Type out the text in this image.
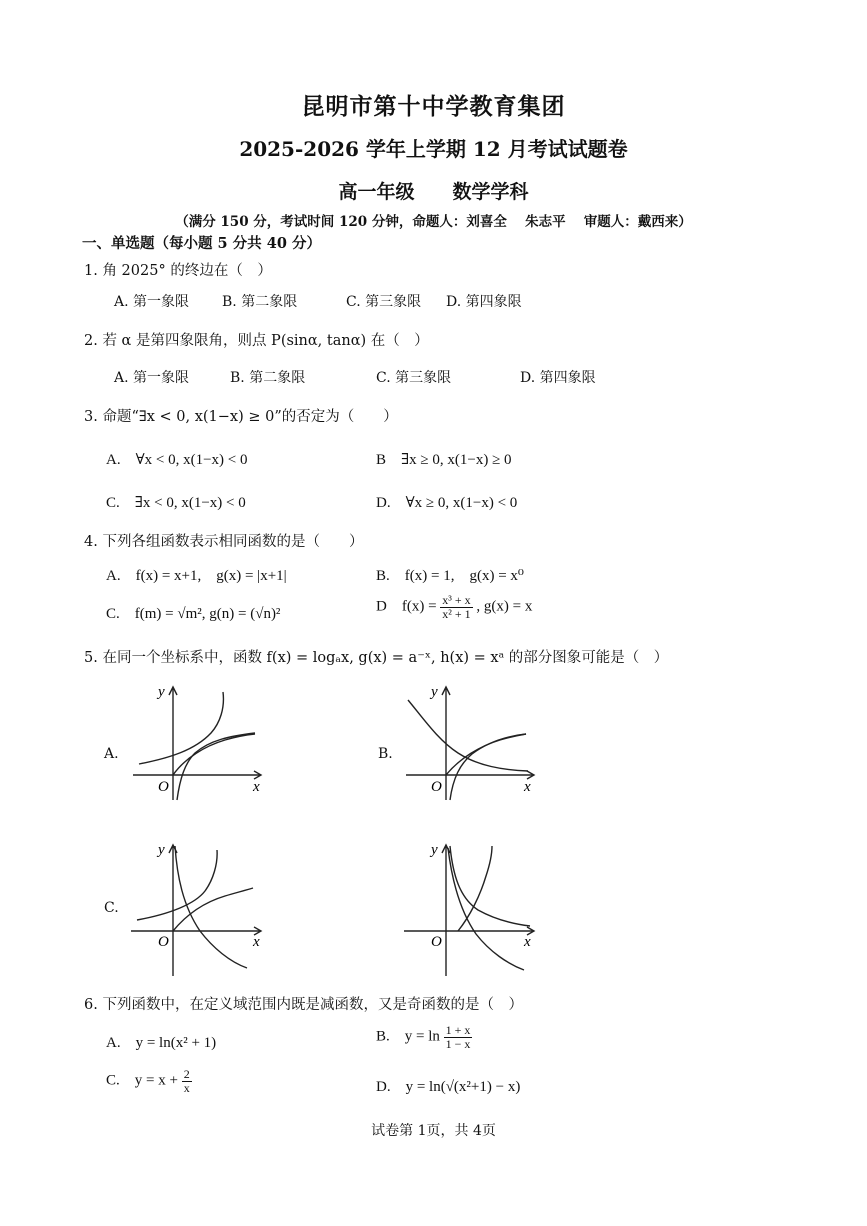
昆明市第十中学教育集团
2025-2026 学年上学期 12 月考试试题卷
高一年级　　数学学科
（满分 150 分，考试时间 120 分钟，命题人：刘喜全　 朱志平　 审题人：戴西来）
一、单选题（每小题 5 分共 40 分）
1. 角 2025° 的终边在（　）
A. 第一象限 B. 第二象限	C. 第三象限 D. 第四象限
2. 若 α 是第四象限角，则点 P(sinα, tanα) 在（　）
A. 第一象限	B. 第二象限	C. 第三象限	D. 第四象限
3. 命题“∃x < 0, x(1−x) ≥ 0”的否定为（　　）
A.　∀x < 0, x(1−x) < 0	B　∃x ≥ 0, x(1−x) ≥ 0
C.　∃x < 0, x(1−x) < 0	D.　∀x ≥ 0, x(1−x) < 0
4. 下列各组函数表示相同函数的是（　　）
A.　f(x) = x+1,　g(x) = |x+1|	B.　f(x) = 1,　g(x) = x⁰
C.　f(m) = √m², g(n) = (√n)²	D　$f(x) = \frac{\text{x³ + x}}{\text{x² + 1}}$ , g(x) = x
5. 在同一个坐标系中，函数 f(x) = logₐx, g(x) = a⁻ˣ, h(x) = xᵃ 的部分图象可能是（　）
A.
y
x
O
B.
y
x
O
C.
y
x
O
y
x
O
6. 下列函数中，在定义域范围内既是减函数，又是奇函数的是（　）
A.　y = ln(x² + 1)	B.　$y = \ln \frac{1 + x}{1 - x}$
C.　$y = x + \frac{2}{x}$	D.　y = ln(√(x²+1) − x)
试卷第 1页，共 4页
